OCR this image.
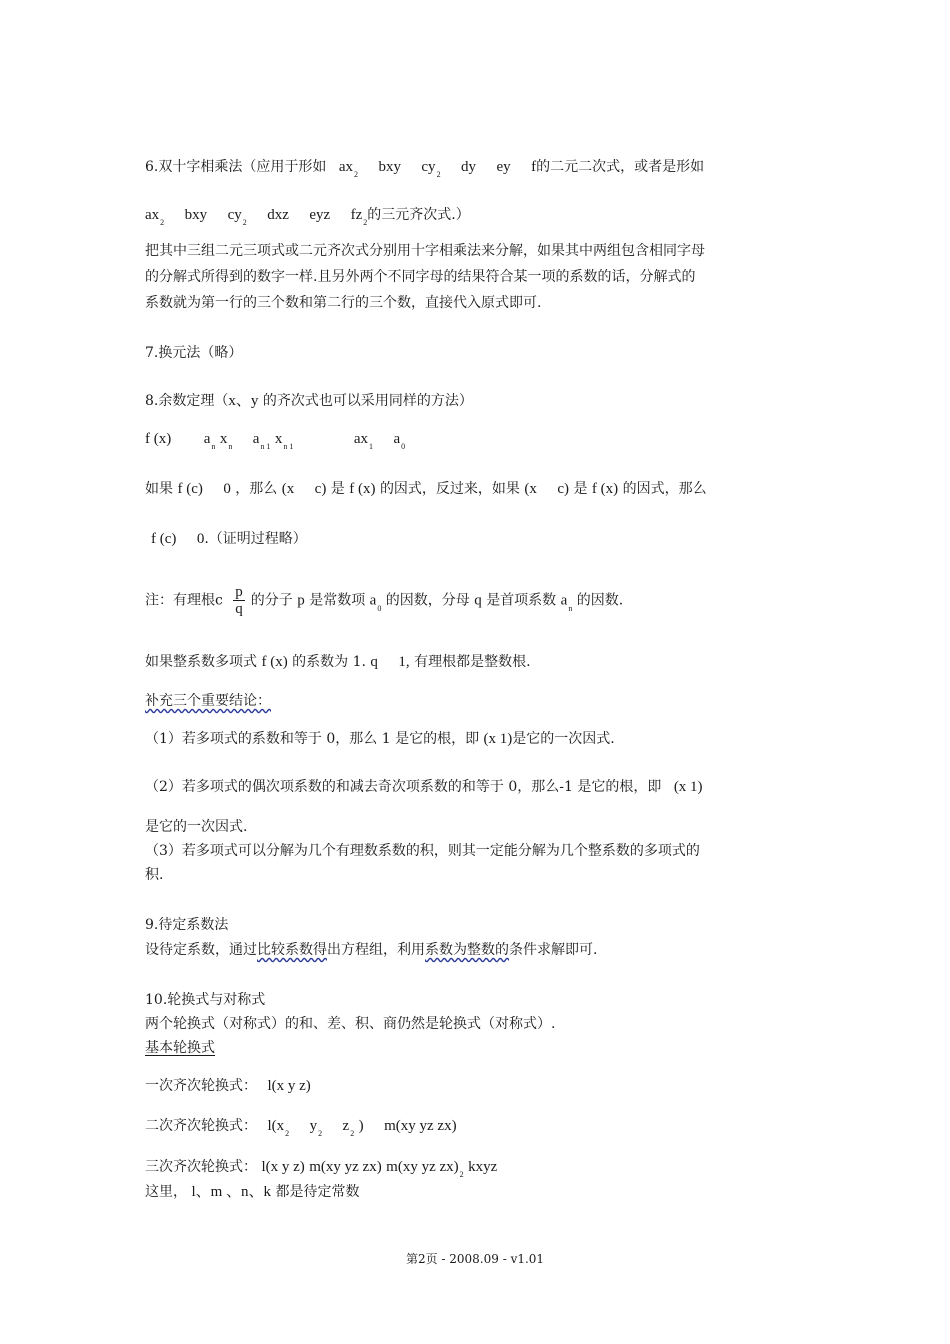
6.双十字相乘法（应用于形如 $ax_2$ bxy $cy_2$ dy ey f的二元二次式，或者是形如
$ax_2$ bxy $cy_2$ dxz eyz $fz_2$的三元齐次式.）
把其中三组二元三项式或二元齐次式分别用十字相乘法来分解，如果其中两组包含相同字母
的分解式所得到的数字一样.且另外两个不同字母的结果符合某一项的系数的话，分解式的
系数就为第一行的三个数和第二行的三个数，直接代入原式即可.
7.换元法（略）
8.余数定理（x、y 的齐次式也可以采用同样的方法）
f (x) $a_n$ $x_n$ $a_{n 1}$ $x_{n 1}$	$ax_1$ $a_0$
如果 f (c) 0 ，那么 (x c) 是 f (x) 的因式，反过来，如果 (x c) 是 f (x) 的因式，那么
f (c) 0.（证明过程略）
注：有理根c $\frac{p}{q}$ 的分子 p 是常数项 $a_0$ 的因数，分母 q 是首项系数 $a_n$ 的因数.
如果整系数多项式 f (x) 的系数为 1. q 1, 有理根都是整数根.
补充三个重要结论：
（1）若多项式的系数和等于 0，那么 1 是它的根，即 (x 1)是它的一次因式.
（2）若多项式的偶次项系数的和减去奇次项系数的和等于 0，那么-1 是它的根，即 (x 1)
是它的一次因式.
（3）若多项式可以分解为几个有理数系数的积，则其一定能分解为几个整系数的多项式的
积.
9.待定系数法
设待定系数，通过比较系数得出方程组，利用系数为整数的条件求解即可.
10.轮换式与对称式
两个轮换式（对称式）的和、差、积、商仍然是轮换式（对称式）.
基本轮换式
一次齐次轮换式： l(x y z)
二次齐次轮换式： $l(x_2$ $y_2$ $z_2$ ) m(xy yz zx)
三次齐次轮换式： l(x y z) m(xy yz zx) m(xy yz $zx)_2$ kxyz
这里， l、m 、n、k 都是待定常数
第2页 - 2008.09 - v1.01
